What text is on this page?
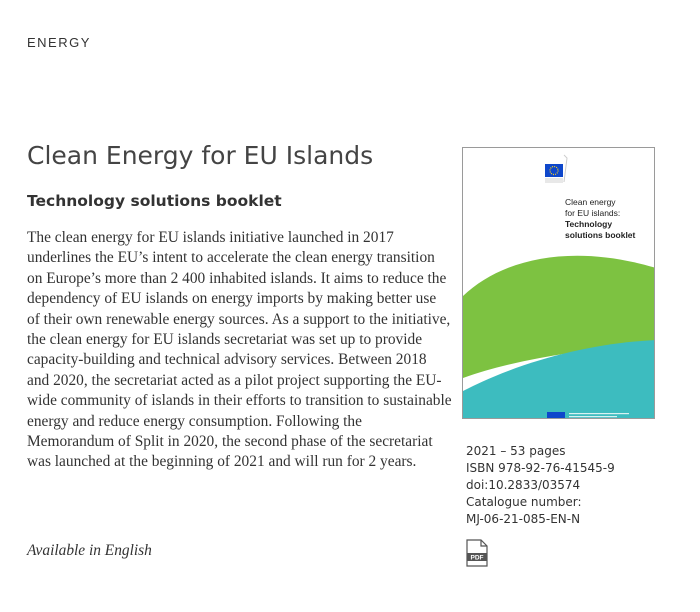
ENERGY
Clean Energy for EU Islands
Technology solutions booklet

The clean energy for EU islands initiative launched in 2017 underlines the EU’s intent to accelerate the clean energy transition on Europe’s more than 2 400 inhabited islands. It aims to reduce the dependency of EU islands on energy imports by making better use of their own renewable energy sources. As a support to the initiative, the clean energy for EU islands secretariat was set up to provide capacity-building and technical advisory services. Between 2018 and 2020, the secretariat acted as a pilot project supporting the EU-wide community of islands in their efforts to transition to sustainable energy and reduce energy consumption. Following the Memorandum of Split in 2020, the second phase of the secretariat was launched at the beginning of 2021 and will run for 2 years.

Available in English

Clean energy
for EU islands:
Technology
solutions booklet
2021 – 53 pages
ISBN 978-92-76-41545-9
doi:10.2833/03574
Catalogue number:
MJ-06-21-085-EN-N
PDF
